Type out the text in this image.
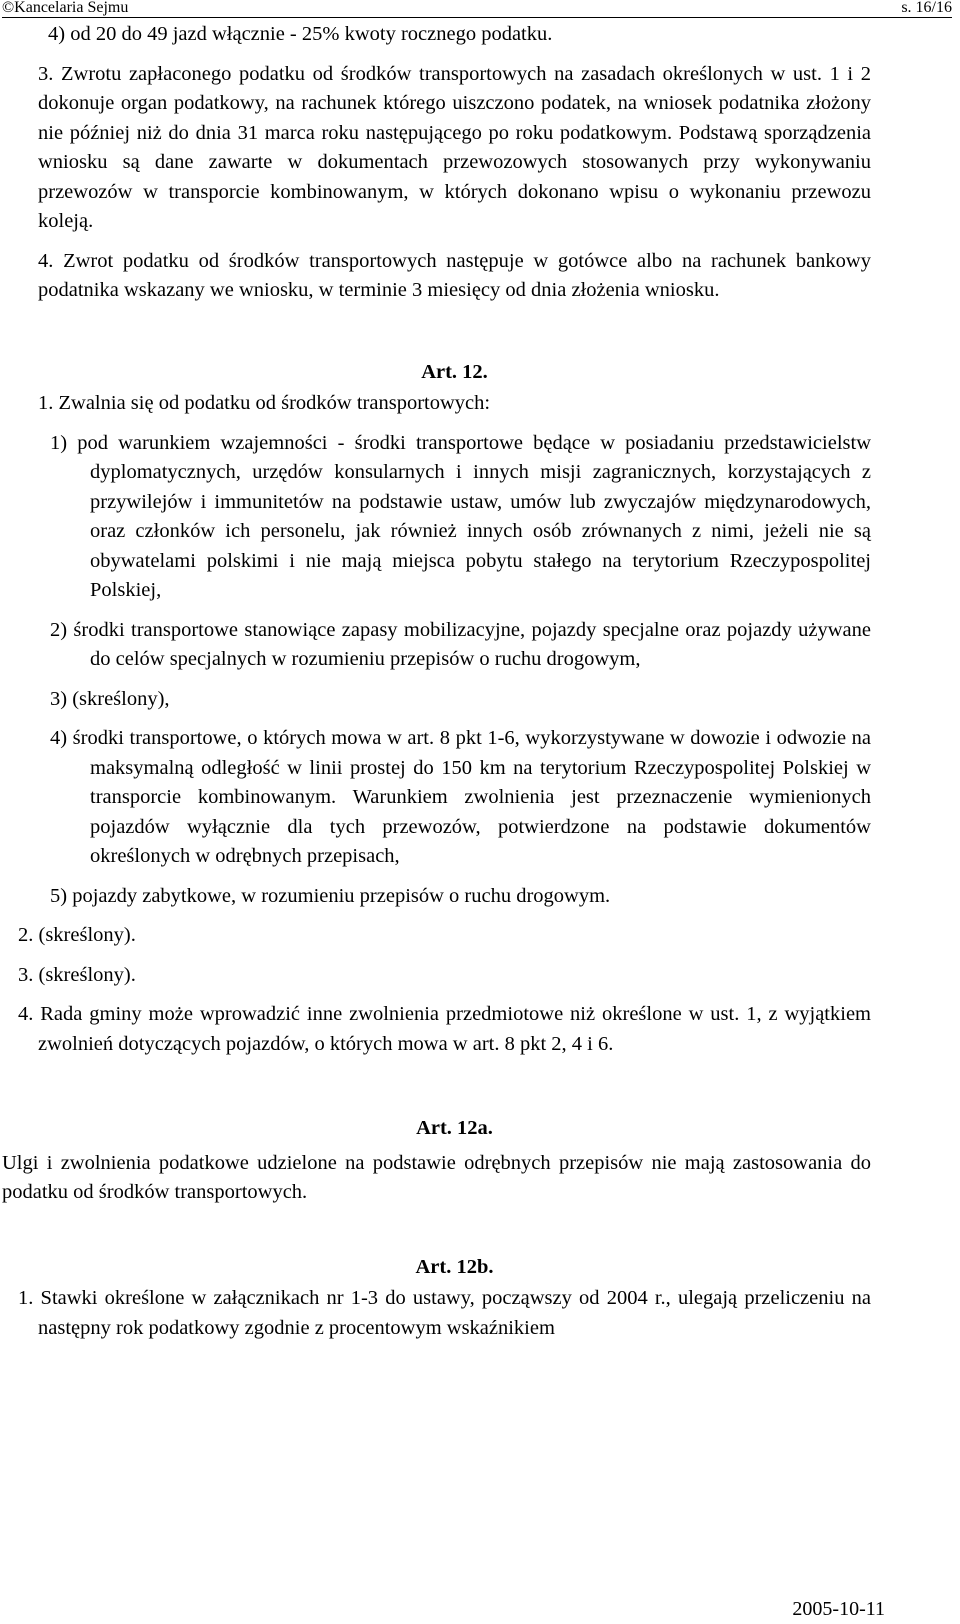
©Kancelaria Sejmu	s. 16/16

4) od 20 do 49 jazd włącznie - 25% kwoty rocznego podatku.

3. Zwrotu zapłaconego podatku od środków transportowych na zasadach określonych w ust. 1 i 2 dokonuje organ podatkowy, na rachunek którego uiszczono podatek, na wniosek podatnika złożony nie później niż do dnia 31 marca roku następującego po roku podatkowym. Podstawą sporządzenia wniosku są dane zawarte w dokumentach przewozowych stosowanych przy wykonywaniu przewozów w transporcie kombinowanym, w których dokonano wpisu o wykonaniu przewozu koleją.

4. Zwrot podatku od środków transportowych następuje w gotówce albo na rachunek bankowy podatnika wskazany we wniosku, w terminie 3 miesięcy od dnia złożenia wniosku.

Art. 12.

1. Zwalnia się od podatku od środków transportowych:

1) pod warunkiem wzajemności - środki transportowe będące w posiadaniu przedstawicielstw dyplomatycznych, urzędów konsularnych i innych misji zagranicznych, korzystających z przywilejów i immunitetów na podstawie ustaw, umów lub zwyczajów międzynarodowych, oraz członków ich personelu, jak również innych osób zrównanych z nimi, jeżeli nie są obywatelami polskimi i nie mają miejsca pobytu stałego na terytorium Rzeczypospolitej Polskiej,

2) środki transportowe stanowiące zapasy mobilizacyjne, pojazdy specjalne oraz pojazdy używane do celów specjalnych w rozumieniu przepisów o ruchu drogowym,

3) (skreślony),

4) środki transportowe, o których mowa w art. 8 pkt 1-6, wykorzystywane w dowozie i odwozie na maksymalną odległość w linii prostej do 150 km na terytorium Rzeczypospolitej Polskiej w transporcie kombinowanym. Warunkiem zwolnienia jest przeznaczenie wymienionych pojazdów wyłącznie dla tych przewozów, potwierdzone na podstawie dokumentów określonych w odrębnych przepisach,

5) pojazdy zabytkowe, w rozumieniu przepisów o ruchu drogowym.

2. (skreślony).

3. (skreślony).

4. Rada gminy może wprowadzić inne zwolnienia przedmiotowe niż określone w ust. 1, z wyjątkiem zwolnień dotyczących pojazdów, o których mowa w art. 8 pkt 2, 4 i 6.

Art. 12a.

Ulgi i zwolnienia podatkowe udzielone na podstawie odrębnych przepisów nie mają zastosowania do podatku od środków transportowych.

Art. 12b.

1. Stawki określone w załącznikach nr 1-3 do ustawy, począwszy od 2004 r., ulegają przeliczeniu na następny rok podatkowy zgodnie z procentowym wskaźnikiem

2005-10-11
